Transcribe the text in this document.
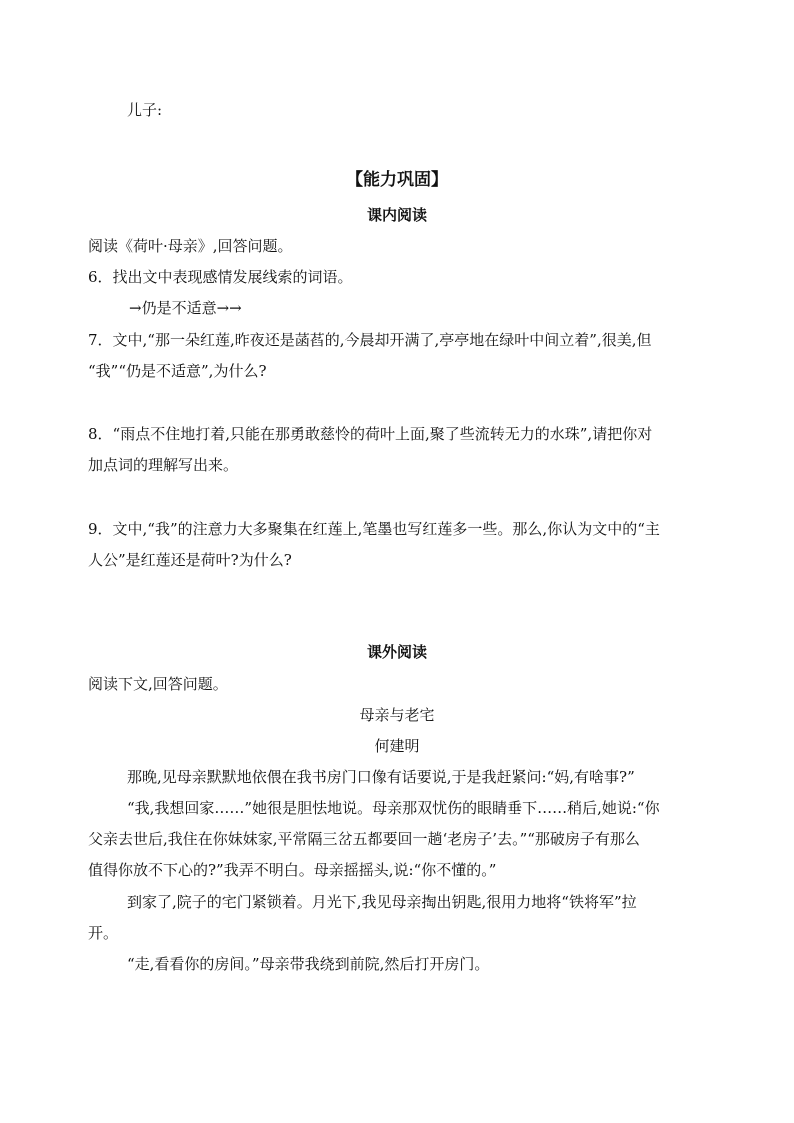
儿子:
【能力巩固】
课内阅读
阅读《荷叶·母亲》,回答问题。
6．找出文中表现感情发展线索的词语。
→仍是不适意→→
7．文中,“那一朵红莲,昨夜还是菡萏的,今晨却开满了,亭亭地在绿叶中间立着”,很美,但
“我”“仍是不适意”,为什么?
8．“雨点不住地打着,只能在那勇敢慈怜的荷叶上面,聚了些流转无力的水珠”,请把你对
加点词的理解写出来。
9．文中,“我”的注意力大多聚集在红莲上,笔墨也写红莲多一些。那么,你认为文中的“主
人公”是红莲还是荷叶?为什么?
课外阅读
阅读下文,回答问题。
母亲与老宅
何建明
那晚,见母亲默默地依偎在我书房门口像有话要说,于是我赶紧问:“妈,有啥事?”
“我,我想回家……”她很是胆怯地说。母亲那双忧伤的眼睛垂下……稍后,她说:“你
父亲去世后,我住在你妹妹家,平常隔三岔五都要回一趟‘老房子’去。”“那破房子有那么
值得你放不下心的?”我弄不明白。母亲摇摇头,说:“你不懂的。”
到家了,院子的宅门紧锁着。月光下,我见母亲掏出钥匙,很用力地将“铁将军”拉
开。
“走,看看你的房间。”母亲带我绕到前院,然后打开房门。
